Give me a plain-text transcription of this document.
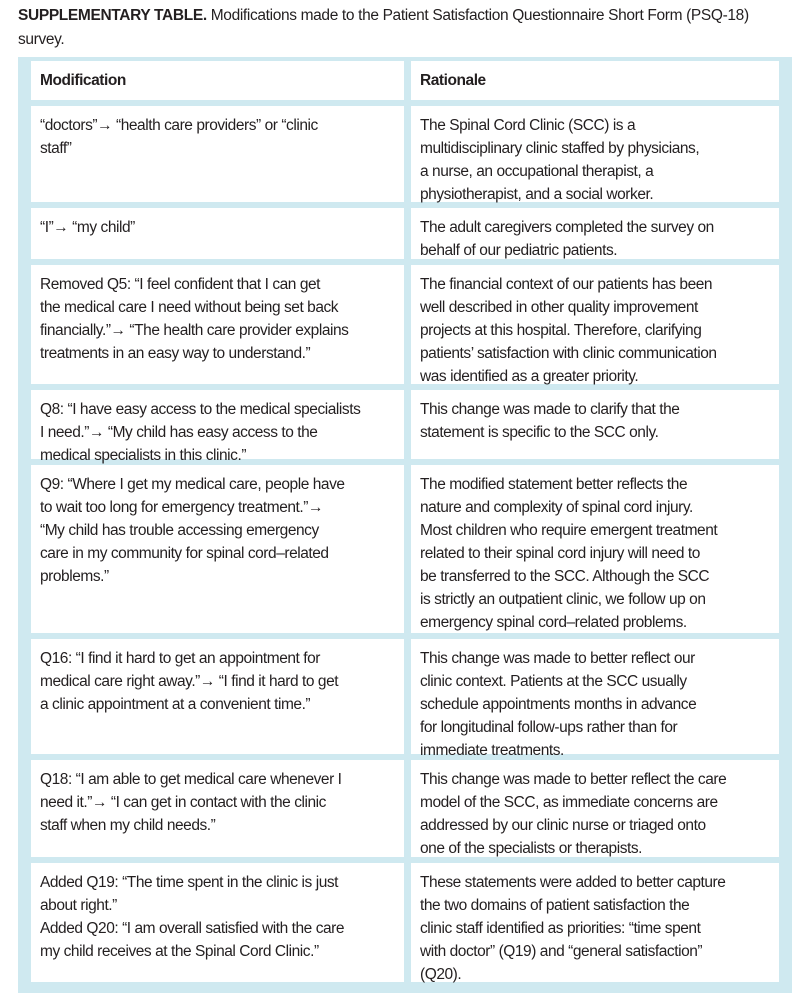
SUPPLEMENTARY TABLE. Modifications made to the Patient Satisfaction Questionnaire Short Form (PSQ-18) survey.
Modification	Rationale
“doctors”→ “health care providers” or “clinic
staff”
The Spinal Cord Clinic (SCC) is a
multidisciplinary clinic staffed by physicians,
a nurse, an occupational therapist, a
physiotherapist, and a social worker.
“I”→ “my child”	The adult caregivers completed the survey on
behalf of our pediatric patients.
Removed Q5: “I feel confident that I can get
the medical care I need without being set back
financially.”→ “The health care provider explains
treatments in an easy way to understand.”
The financial context of our patients has been
well described in other quality improvement
projects at this hospital. Therefore, clarifying
patients’ satisfaction with clinic communication
was identified as a greater priority.
Q8: “I have easy access to the medical specialists
I need.”→ “My child has easy access to the
medical specialists in this clinic.”
This change was made to clarify that the
statement is specific to the SCC only.
Q9: “Where I get my medical care, people have
to wait too long for emergency treatment.”→
“My child has trouble accessing emergency
care in my community for spinal cord–related
problems.”
The modified statement better reflects the
nature and complexity of spinal cord injury.
Most children who require emergent treatment
related to their spinal cord injury will need to
be transferred to the SCC. Although the SCC
is strictly an outpatient clinic, we follow up on
emergency spinal cord–related problems.
Q16: “I find it hard to get an appointment for
medical care right away.”→ “I find it hard to get
a clinic appointment at a convenient time.”
This change was made to better reflect our
clinic context. Patients at the SCC usually
schedule appointments months in advance
for longitudinal follow-ups rather than for
immediate treatments.
Q18: “I am able to get medical care whenever I
need it.”→ “I can get in contact with the clinic
staff when my child needs.”
This change was made to better reflect the care
model of the SCC, as immediate concerns are
addressed by our clinic nurse or triaged onto
one of the specialists or therapists.
Added Q19: “The time spent in the clinic is just
about right.”
Added Q20: “I am overall satisfied with the care
my child receives at the Spinal Cord Clinic.”
These statements were added to better capture
the two domains of patient satisfaction the
clinic staff identified as priorities: “time spent
with doctor” (Q19) and “general satisfaction”
(Q20).
